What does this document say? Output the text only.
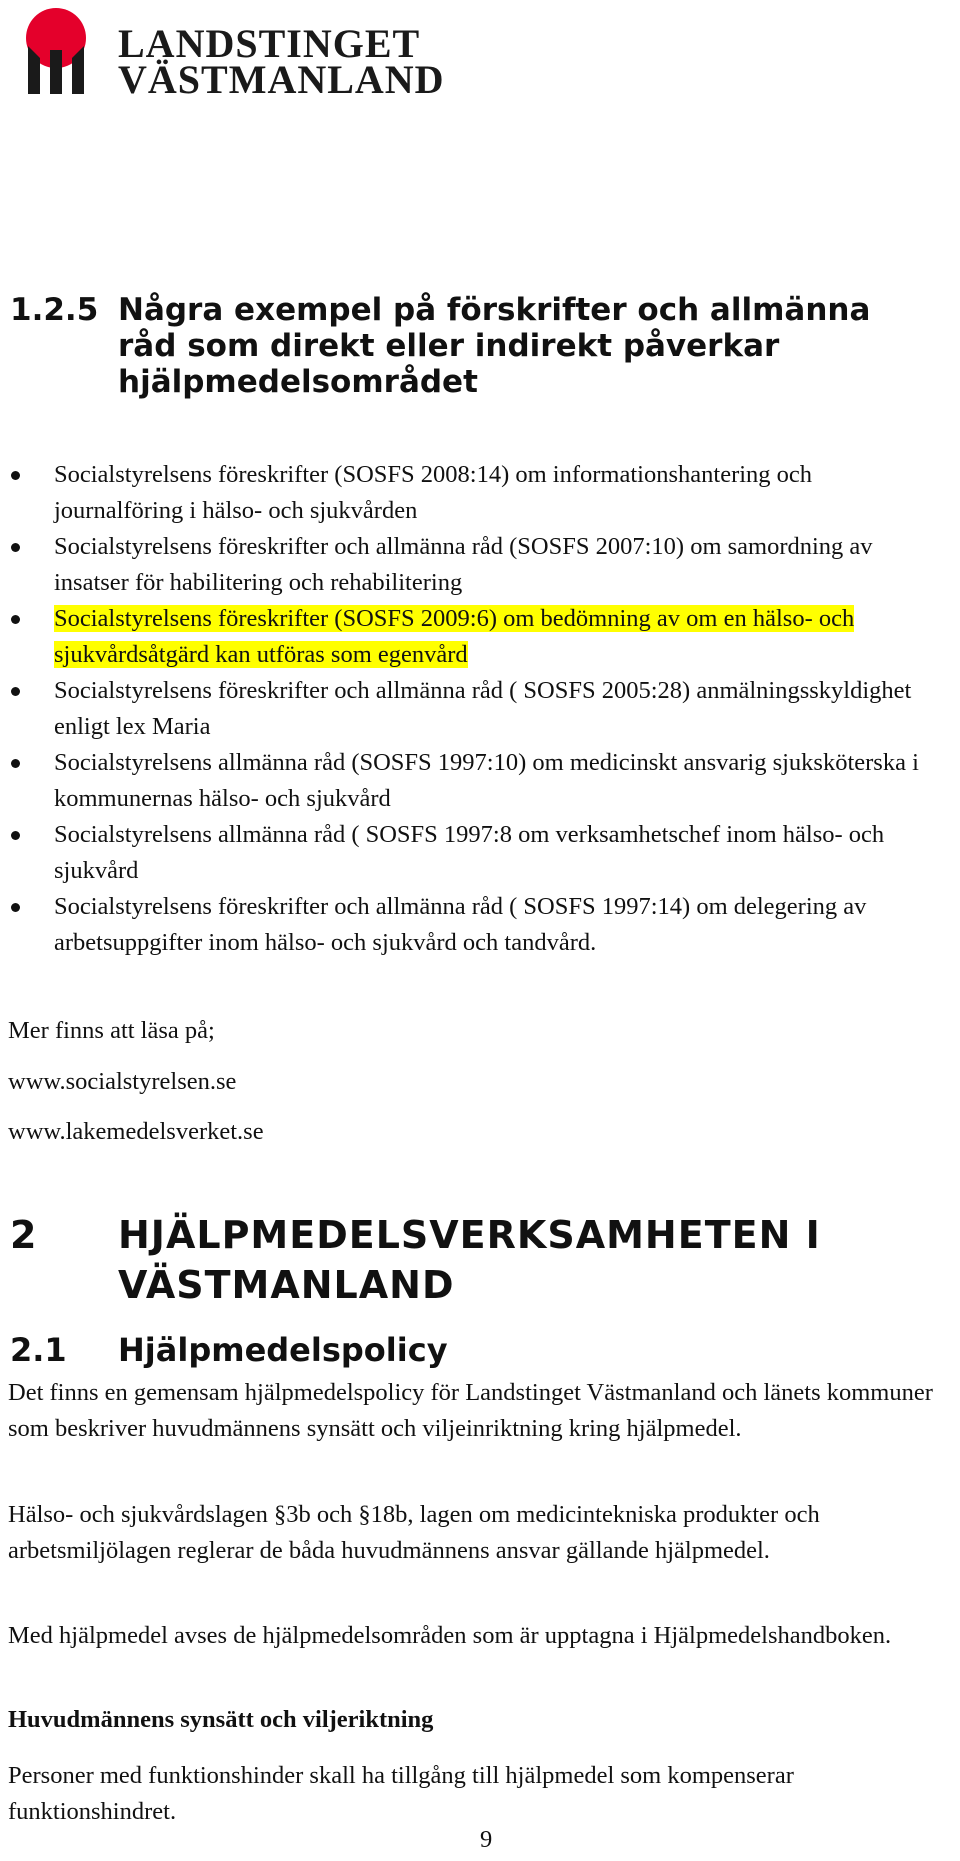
LANDSTINGET
VÄSTMANLAND
1.2.5 Några exempel på förskrifter och allmänna råd som direkt eller indirekt påverkar hjälpmedelsområdet
Socialstyrelsens föreskrifter (SOSFS 2008:14) om informationshantering och journalföring i hälso- och sjukvården
Socialstyrelsens föreskrifter och allmänna råd (SOSFS 2007:10) om samordning av insatser för habilitering och rehabilitering
Socialstyrelsens föreskrifter (SOSFS 2009:6) om bedömning av om en hälso- och sjukvårdsåtgärd kan utföras som egenvård
Socialstyrelsens föreskrifter och allmänna råd ( SOSFS 2005:28) anmälningsskyldighet enligt lex Maria
Socialstyrelsens allmänna råd (SOSFS 1997:10) om medicinskt ansvarig sjuksköterska i kommunernas hälso- och sjukvård
Socialstyrelsens allmänna råd ( SOSFS 1997:8 om verksamhetschef inom hälso- och sjukvård
Socialstyrelsens föreskrifter och allmänna råd ( SOSFS 1997:14) om delegering av arbetsuppgifter inom hälso- och sjukvård och tandvård.

Mer finns att läsa på;

www.socialstyrelsen.se

www.lakemedelsverket.se

2 HJÄLPMEDELSVERKSAMHETEN I VÄSTMANLAND
2.1 Hjälpmedelspolicy

Det finns en gemensam hjälpmedelspolicy för Landstinget Västmanland och länets kommuner som beskriver huvudmännens synsätt och viljeinriktning kring hjälpmedel.

Hälso- och sjukvårdslagen §3b och §18b, lagen om medicintekniska produkter och arbetsmiljölagen reglerar de båda huvudmännens ansvar gällande hjälpmedel.

Med hjälpmedel avses de hjälpmedelsområden som är upptagna i Hjälpmedelshandboken.

Huvudmännens synsätt och viljeriktning

Personer med funktionshinder skall ha tillgång till hjälpmedel som kompenserar funktionshindret.

9
